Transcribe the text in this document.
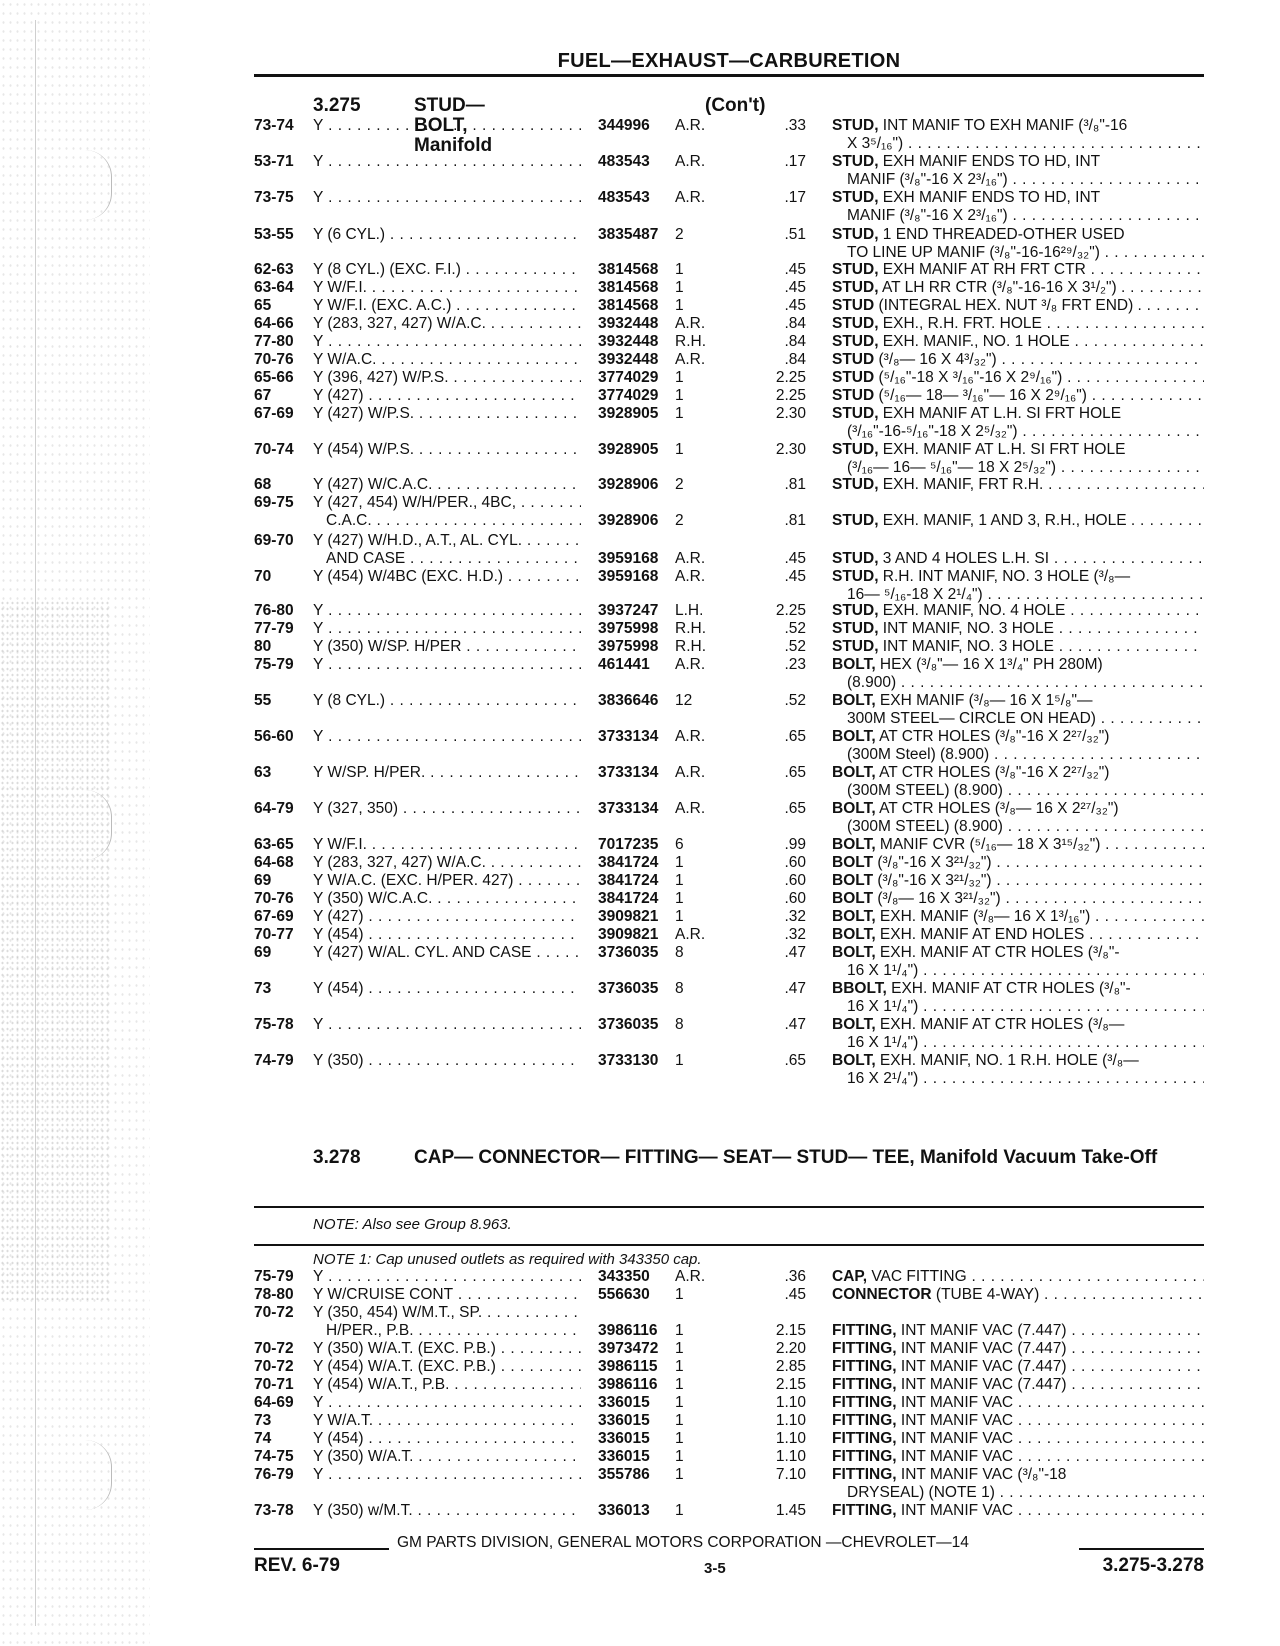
FUEL—EXHAUST—CARBURETION
3.275	STUD— BOLT, Manifold
(Con't)
73-74	Y . . .	344996	A.R.	.33 STUD, INT MANIF TO EXH MANIF (³/₈"-16
X 3⁵/₁₆") . . .
53-71	Y . . .	483543	A.R.	.17 STUD, EXH MANIF ENDS TO HD, INT
MANIF (³/₈"-16 X 2³/₁₆") . . .
73-75	Y . . .	483543	A.R.	.17 STUD, EXH MANIF ENDS TO HD, INT
MANIF (³/₈"-16 X 2³/₁₆") . . .
53-55	Y (6 CYL.) . . .	3835487	2	.51 STUD, 1 END THREADED-OTHER USED
TO LINE UP MANIF (³/₈"-16-16²⁹/₃₂") . . .
62-63	Y (8 CYL.) (EXC. F.I.) . . .	3814568	1	.45 STUD, EXH MANIF AT RH FRT CTR . . .
63-64	Y W/F.I. . . .	3814568	1	.45 STUD, AT LH RR CTR (³/₈"-16-16 X 3¹/₂") . . . .
65	Y W/F.I. (EXC. A.C.) . . .	3814568	1	.45 STUD (INTEGRAL HEX. NUT ³/₈ FRT END) . . . .
64-66	Y (283, 327, 427) W/A.C. . . .	3932448	A.R.	.84 STUD, EXH., R.H. FRT. HOLE . . .
77-80	Y . . .	3932448	R.H.	.84 STUD, EXH. MANIF., NO. 1 HOLE . . .
70-76	Y W/A.C. . . .	3932448	A.R.	.84 STUD (³/₈— 16 X 4³/₃₂") . . .
65-66	Y (396, 427) W/P.S. . . .	3774029	1	2.25 STUD (⁵/₁₆"-18 X ³/₁₆"-16 X 2⁹/₁₆") . . .
67	Y (427) . . .	3774029	1	2.25 STUD (⁵/₁₆— 18— ³/₁₆"— 16 X 2⁹/₁₆") . . .
67-69	Y (427) W/P.S. . . .	3928905	1	2.30 STUD, EXH MANIF AT L.H. SI FRT HOLE
(³/₁₆"-16-⁵/₁₆"-18 X 2⁵/₃₂") . . .
70-74	Y (454) W/P.S. . . .	3928905	1	2.30 STUD, EXH. MANIF AT L.H. SI FRT HOLE
(³/₁₆— 16— ⁵/₁₆"— 18 X 2⁵/₃₂") . . .
68	Y (427) W/C.A.C. . . .	3928906	2	.81 STUD, EXH. MANIF, FRT R.H. . . .
69-75	Y (427, 454) W/H/PER., 4BC, . . .
C.A.C. . . .	3928906	2	.81 STUD, EXH. MANIF, 1 AND 3, R.H., HOLE . . . .
69-70	Y (427) W/H.D., A.T., AL. CYL. . . .
AND CASE . . .	3959168	A.R.	.45 STUD, 3 AND 4 HOLES L.H. SI . . .
70	Y (454) W/4BC (EXC. H.D.) . . .	3959168	A.R.	.45 STUD, R.H. INT MANIF, NO. 3 HOLE (³/₈—
16— ⁵/₁₆-18 X 2¹/₄") . . .
76-80	Y . . .	3937247	L.H.	2.25 STUD, EXH. MANIF, NO. 4 HOLE . . .
77-79	Y . . .	3975998	R.H.	.52 STUD, INT MANIF, NO. 3 HOLE . . .
80	Y (350) W/SP. H/PER . . .	3975998	R.H.	.52 STUD, INT MANIF, NO. 3 HOLE . . .
75-79	Y . . .	461441	A.R.	.23 BOLT, HEX (³/₈"— 16 X 1³/₄" PH 280M)
(8.900) . . .
55	Y (8 CYL.) . . .	3836646	12	.52 BOLT, EXH MANIF (³/₈— 16 X 1⁵/₈"—
300M STEEL— CIRCLE ON HEAD) . . .
56-60	Y . . .	3733134	A.R.	.65 BOLT, AT CTR HOLES (³/₈"-16 X 2²⁷/₃₂")
(300M Steel) (8.900) . . .
63	Y W/SP. H/PER. . . .	3733134	A.R.	.65 BOLT, AT CTR HOLES (³/₈"-16 X 2²⁷/₃₂")
(300M STEEL) (8.900) . . .
64-79	Y (327, 350) . . .	3733134	A.R.	.65 BOLT, AT CTR HOLES (³/₈— 16 X 2²⁷/₃₂")
(300M STEEL) (8.900) . . .
63-65	Y W/F.I. . . .	7017235	6	.99 BOLT, MANIF CVR (⁵/₁₆— 18 X 3¹⁵/₃₂") . . .
64-68	Y (283, 327, 427) W/A.C. . . .	3841724	1	.60 BOLT (³/₈"-16 X 3²¹/₃₂") . . .
69	Y W/A.C. (EXC. H/PER. 427) . . .	3841724	1	.60 BOLT (³/₈"-16 X 3²¹/₃₂") . . .
70-76	Y (350) W/C.A.C. . . .	3841724	1	.60 BOLT (³/₈— 16 X 3²¹/₃₂") . . .
67-69	Y (427) . . .	3909821	1	.32 BOLT, EXH. MANIF (³/₈— 16 X 1³/₁₆") . . .
70-77	Y (454) . . .	3909821	A.R.	.32 BOLT, EXH. MANIF AT END HOLES . . .
69	Y (427) W/AL. CYL. AND CASE . . .	3736035	8	.47 BOLT, EXH. MANIF AT CTR HOLES (³/₈"-
16 X 1¹/₄") . . .
73	Y (454) . . .	3736035	8	.47 BBOLT, EXH. MANIF AT CTR HOLES (³/₈"-
16 X 1¹/₄") . . .
75-78	Y . . .	3736035	8	.47 BOLT, EXH. MANIF AT CTR HOLES (³/₈—
16 X 1¹/₄") . . .
74-79	Y (350) . . .	3733130	1	.65 BOLT, EXH. MANIF, NO. 1 R.H. HOLE (³/₈—
16 X 2¹/₄") . . .
3.278	CAP— CONNECTOR— FITTING— SEAT— STUD— TEE, Manifold Vacuum Take-Off
NOTE: Also see Group 8.963.
NOTE 1: Cap unused outlets as required with 343350 cap.
75-79	Y . . .	343350	A.R.	.36 CAP, VAC FITTING . . .
78-80	Y W/CRUISE CONT . . .	556630	1	.45 CONNECTOR (TUBE 4-WAY) . . .
70-72	Y (350, 454) W/M.T., SP. . . .
H/PER., P.B. . . .	3986116	1	2.15 FITTING, INT MANIF VAC (7.447) . . .
70-72	Y (350) W/A.T. (EXC. P.B.) . . .	3973472	1	2.20 FITTING, INT MANIF VAC (7.447) . . .
70-72	Y (454) W/A.T. (EXC. P.B.) . . .	3986115	1	2.85 FITTING, INT MANIF VAC (7.447) . . .
70-71	Y (454) W/A.T., P.B. . . .	3986116	1	2.15 FITTING, INT MANIF VAC (7.447) . . .
64-69	Y . . .	336015	1	1.10 FITTING, INT MANIF VAC . . .
73	Y W/A.T. . . .	336015	1	1.10 FITTING, INT MANIF VAC . . .
74	Y (454) . . .	336015	1	1.10 FITTING, INT MANIF VAC . . .
74-75	Y (350) W/A.T. . . .	336015	1	1.10 FITTING, INT MANIF VAC . . .
76-79	Y . . .	355786	1	7.10 FITTING, INT MANIF VAC (³/₈"-18
DRYSEAL) (NOTE 1) . . .
73-78	Y (350) w/M.T. . . .	336013	1	1.45 FITTING, INT MANIF VAC . . .
GM PARTS DIVISION, GENERAL MOTORS CORPORATION —CHEVROLET—14
REV. 6-79	3-5	3.275-3.278
